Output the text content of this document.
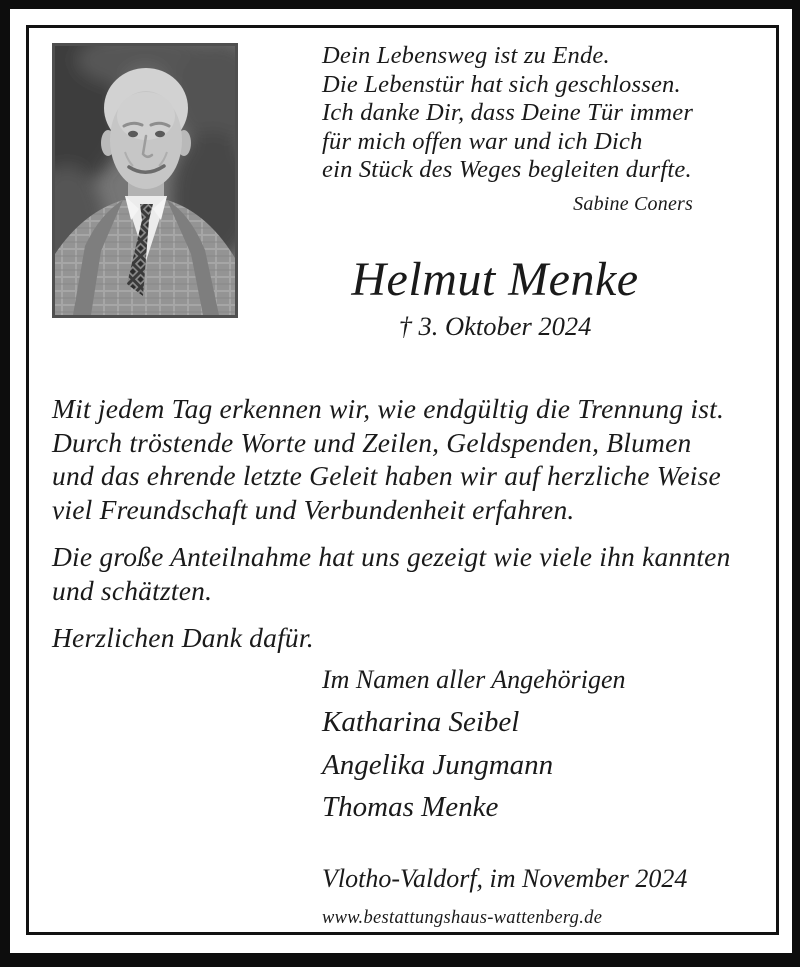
Dein Lebensweg ist zu Ende.
Die Lebenstür hat sich geschlossen.
Ich danke Dir, dass Deine Tür immer
für mich offen war und ich Dich
ein Stück des Weges begleiten durfte.
Sabine Coners
Helmut Menke
† 3. Oktober 2024
Mit jedem Tag erkennen wir, wie endgültig die Trennung ist.
Durch tröstende Worte und Zeilen, Geldspenden, Blumen
und das ehrende letzte Geleit haben wir auf herzliche Weise
viel Freundschaft und Verbundenheit erfahren.
Die große Anteilnahme hat uns gezeigt wie viele ihn kannten
und schätzten.
Herzlichen Dank dafür.
Im Namen aller Angehörigen
Katharina Seibel
Angelika Jungmann
Thomas Menke
Vlotho-Valdorf, im November 2024
www.bestattungshaus-wattenberg.de
